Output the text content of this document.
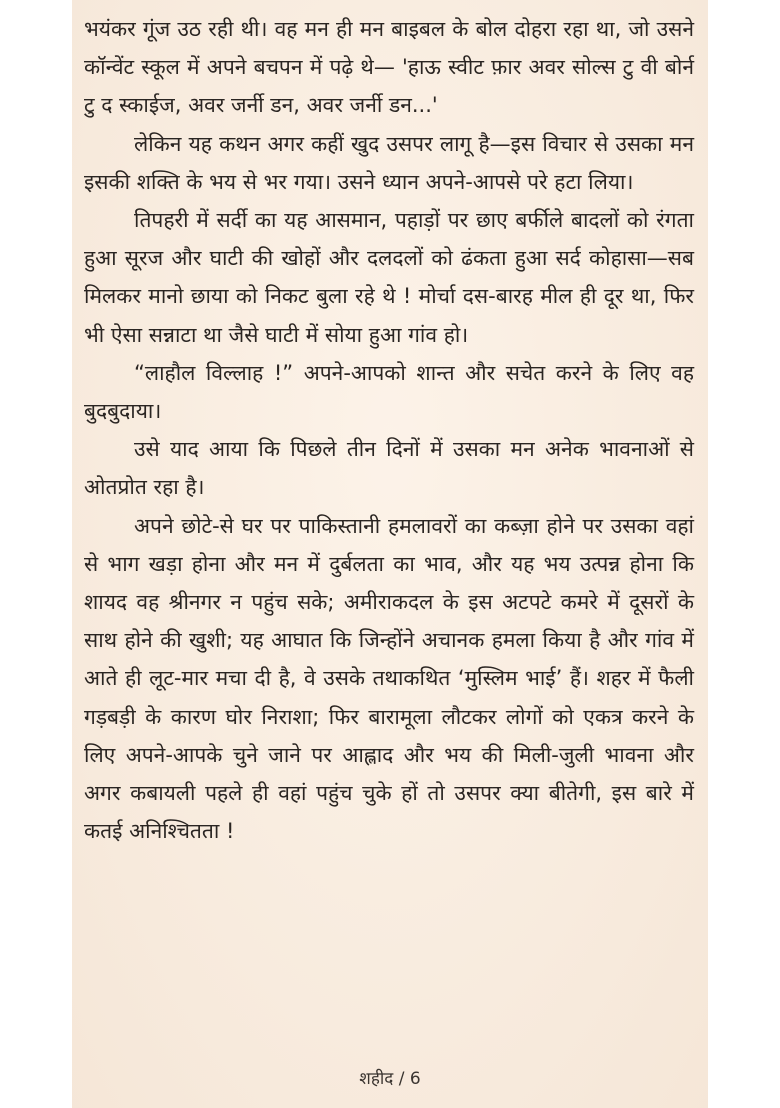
भयंकर गूंज उठ रही थी। वह मन ही मन बाइबल के बोल दोहरा रहा था, जो उसने कॉन्वेंट स्कूल में अपने बचपन में पढ़े थे— 'हाऊ स्वीट फ़ार अवर सोल्स टु वी बोर्न टु द स्काईज, अवर जर्नी डन, अवर जर्नी डन...'

लेकिन यह कथन अगर कहीं खुद उसपर लागू है—इस विचार से उसका मन इसकी शक्ति के भय से भर गया। उसने ध्यान अपने-आपसे परे हटा लिया।

तिपहरी में सर्दी का यह आसमान, पहाड़ों पर छाए बर्फीले बादलों को रंगता हुआ सूरज और घाटी की खोहों और दलदलों को ढंकता हुआ सर्द कोहासा—सब मिलकर मानो छाया को निकट बुला रहे थे ! मोर्चा दस-बारह मील ही दूर था, फिर भी ऐसा सन्नाटा था जैसे घाटी में सोया हुआ गांव हो।

“लाहौल विल्लाह !” अपने-आपको शान्त और सचेत करने के लिए वह बुदबुदाया।

उसे याद आया कि पिछले तीन दिनों में उसका मन अनेक भावनाओं से ओतप्रोत रहा है।

अपने छोटे-से घर पर पाकिस्तानी हमलावरों का कब्ज़ा होने पर उसका वहां से भाग खड़ा होना और मन में दुर्बलता का भाव, और यह भय उत्पन्न होना कि शायद वह श्रीनगर न पहुंच सके; अमीराकदल के इस अटपटे कमरे में दूसरों के साथ होने की खुशी; यह आघात कि जिन्होंने अचानक हमला किया है और गांव में आते ही लूट-मार मचा दी है, वे उसके तथाकथित ‘मुस्लिम भाई’ हैं। शहर में फैली गड़बड़ी के कारण घोर निराशा; फिर बारामूला लौटकर लोगों को एकत्र करने के लिए अपने-आपके चुने जाने पर आह्लाद और भय की मिली-जुली भावना और अगर कबायली पहले ही वहां पहुंच चुके हों तो उसपर क्या बीतेगी, इस बारे में कतई अनिश्चितता !

शहीद / 6
